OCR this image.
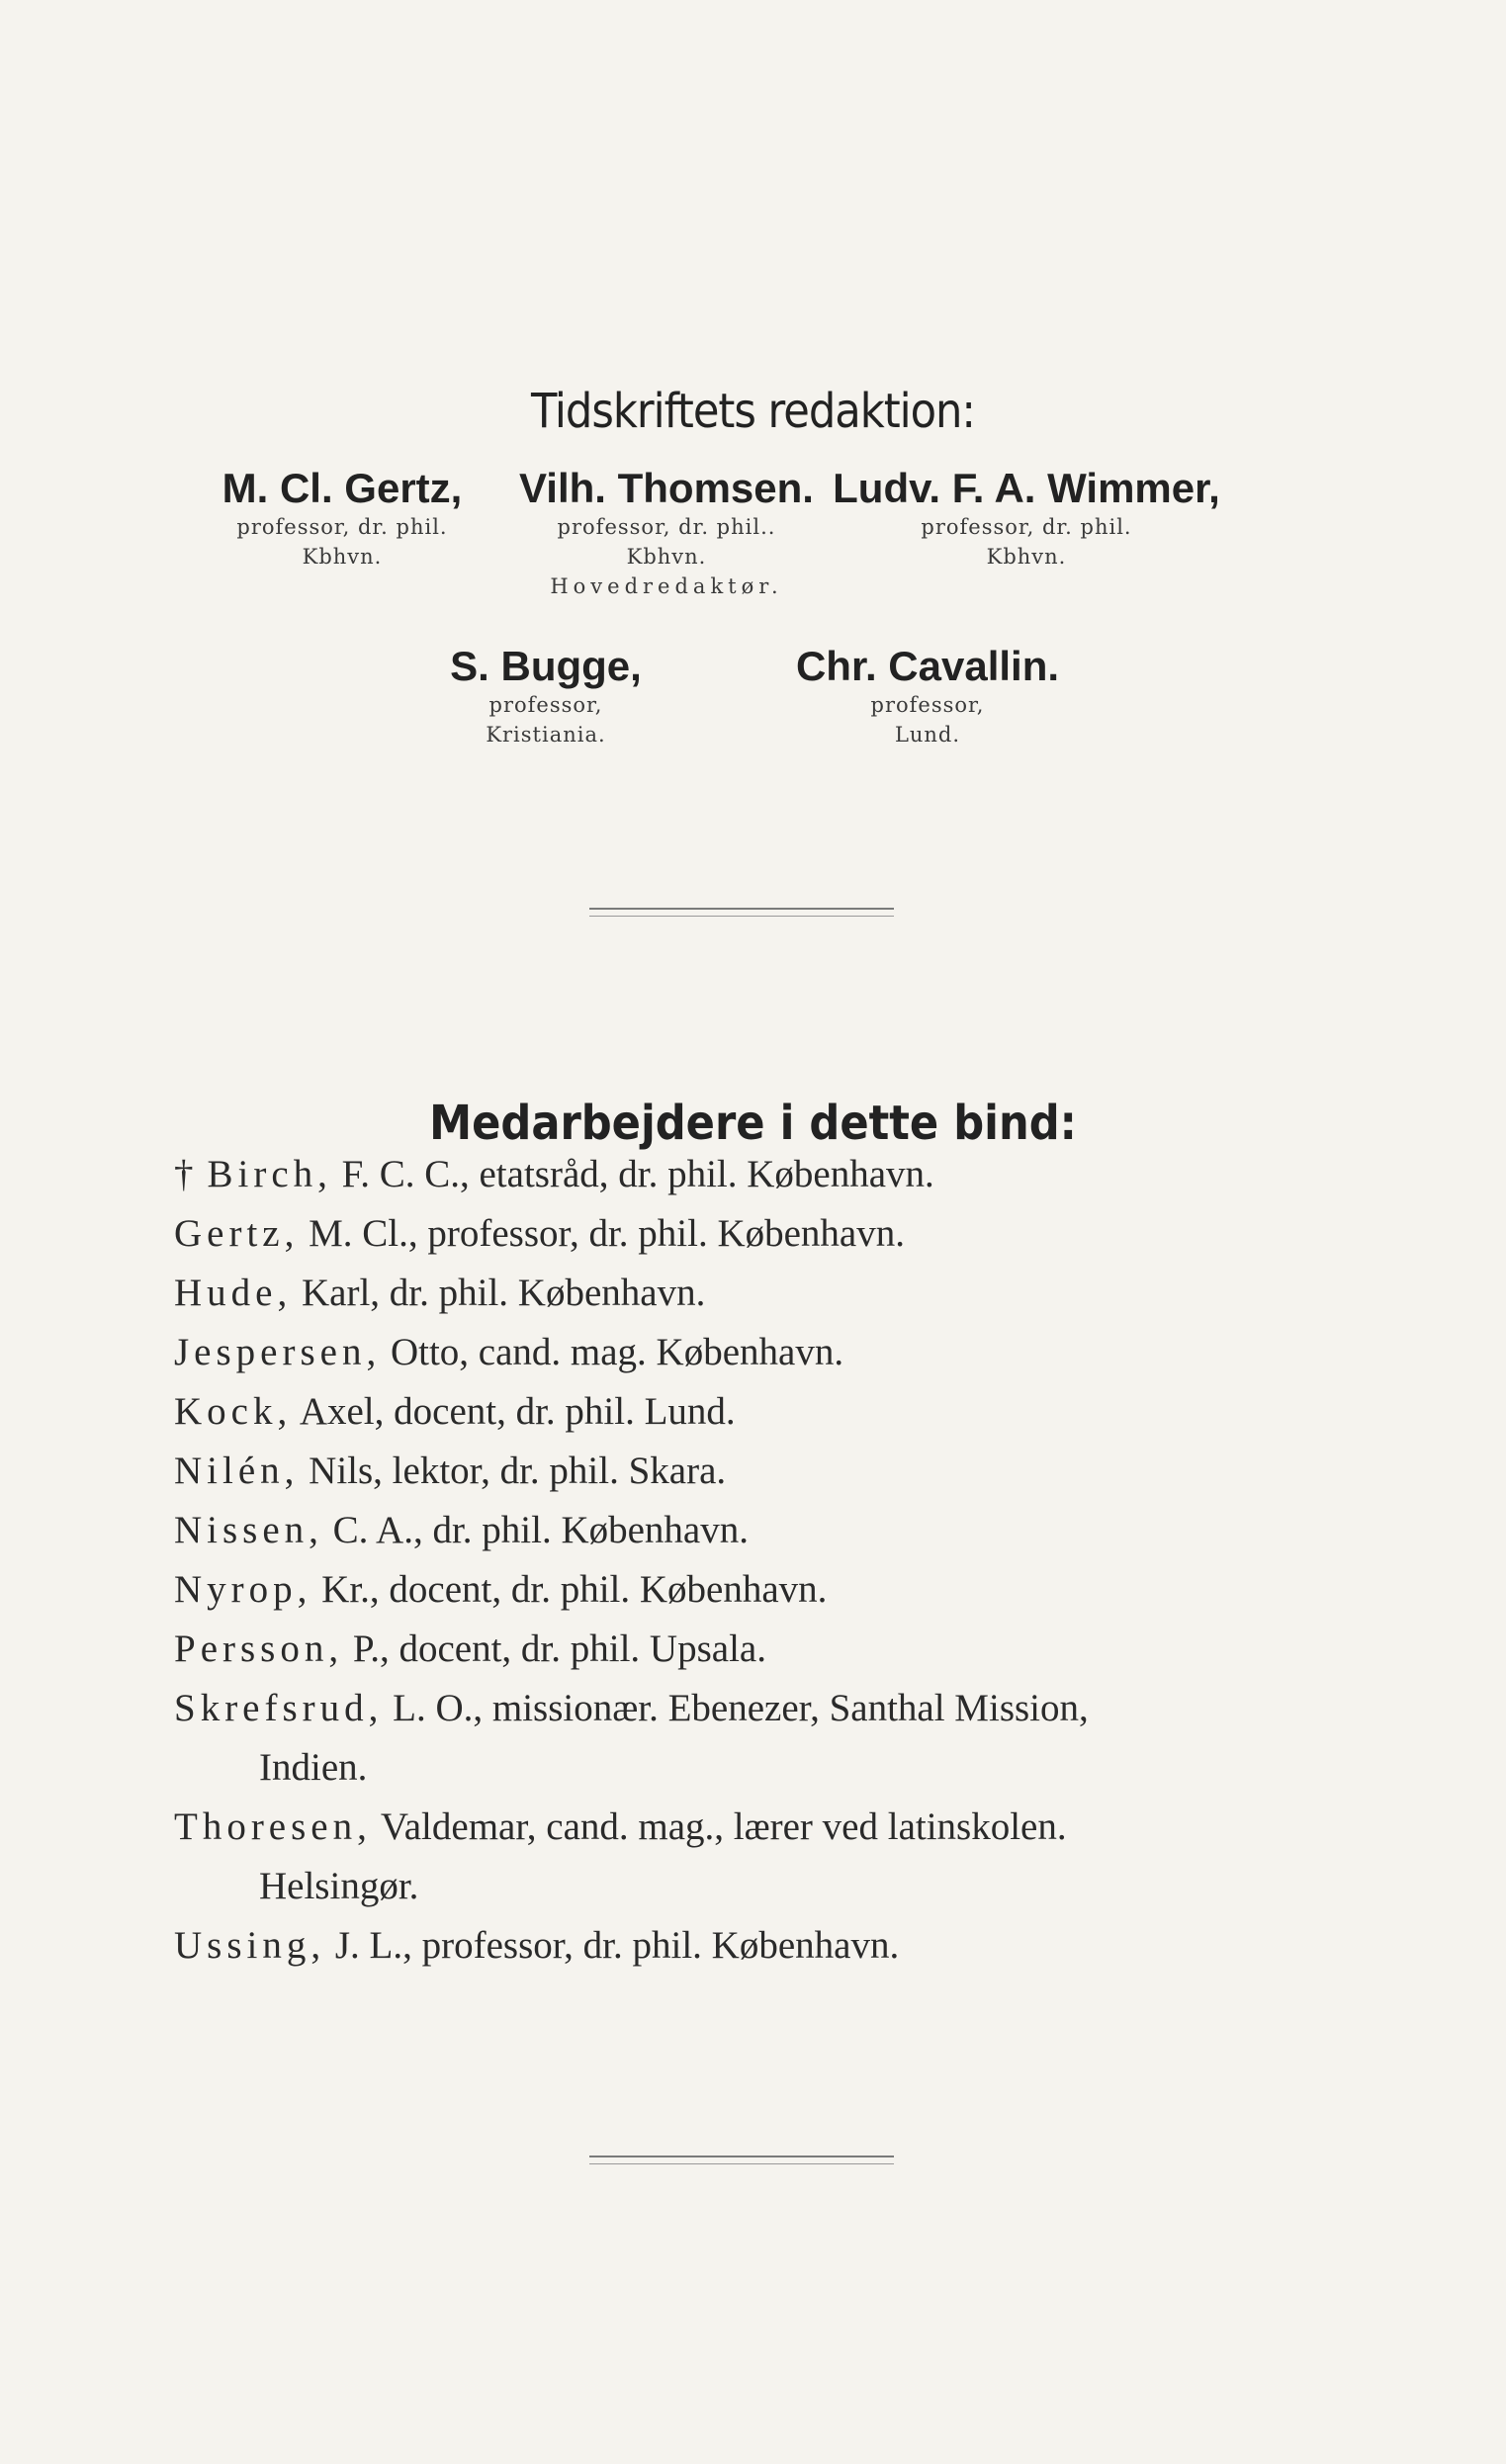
Tidskriftets redaktion:
M. Cl. Gertz,
professor, dr. phil.
Kbhvn.
Vilh. Thomsen.
professor, dr. phil..
Kbhvn.
Hovedredaktør.
Ludv. F. A. Wimmer,
professor, dr. phil.
Kbhvn.
S. Bugge,
professor,
Kristiania.
Chr. Cavallin.
professor,
Lund.
Medarbejdere i dette bind:
† Birch, F. C. C., etatsråd, dr. phil. København.
Gertz, M. Cl., professor, dr. phil. København.
Hude, Karl, dr. phil. København.
Jespersen, Otto, cand. mag. København.
Kock, Axel, docent, dr. phil. Lund.
Nilén, Nils, lektor, dr. phil. Skara.
Nissen, C. A., dr. phil. København.
Nyrop, Kr., docent, dr. phil. København.
Persson, P., docent, dr. phil. Upsala.
Skrefsrud, L. O., missionær. Ebenezer, Santhal Mission,
Indien.
Thoresen, Valdemar, cand. mag., lærer ved latinskolen.
Helsingør.
Ussing, J. L., professor, dr. phil. København.
